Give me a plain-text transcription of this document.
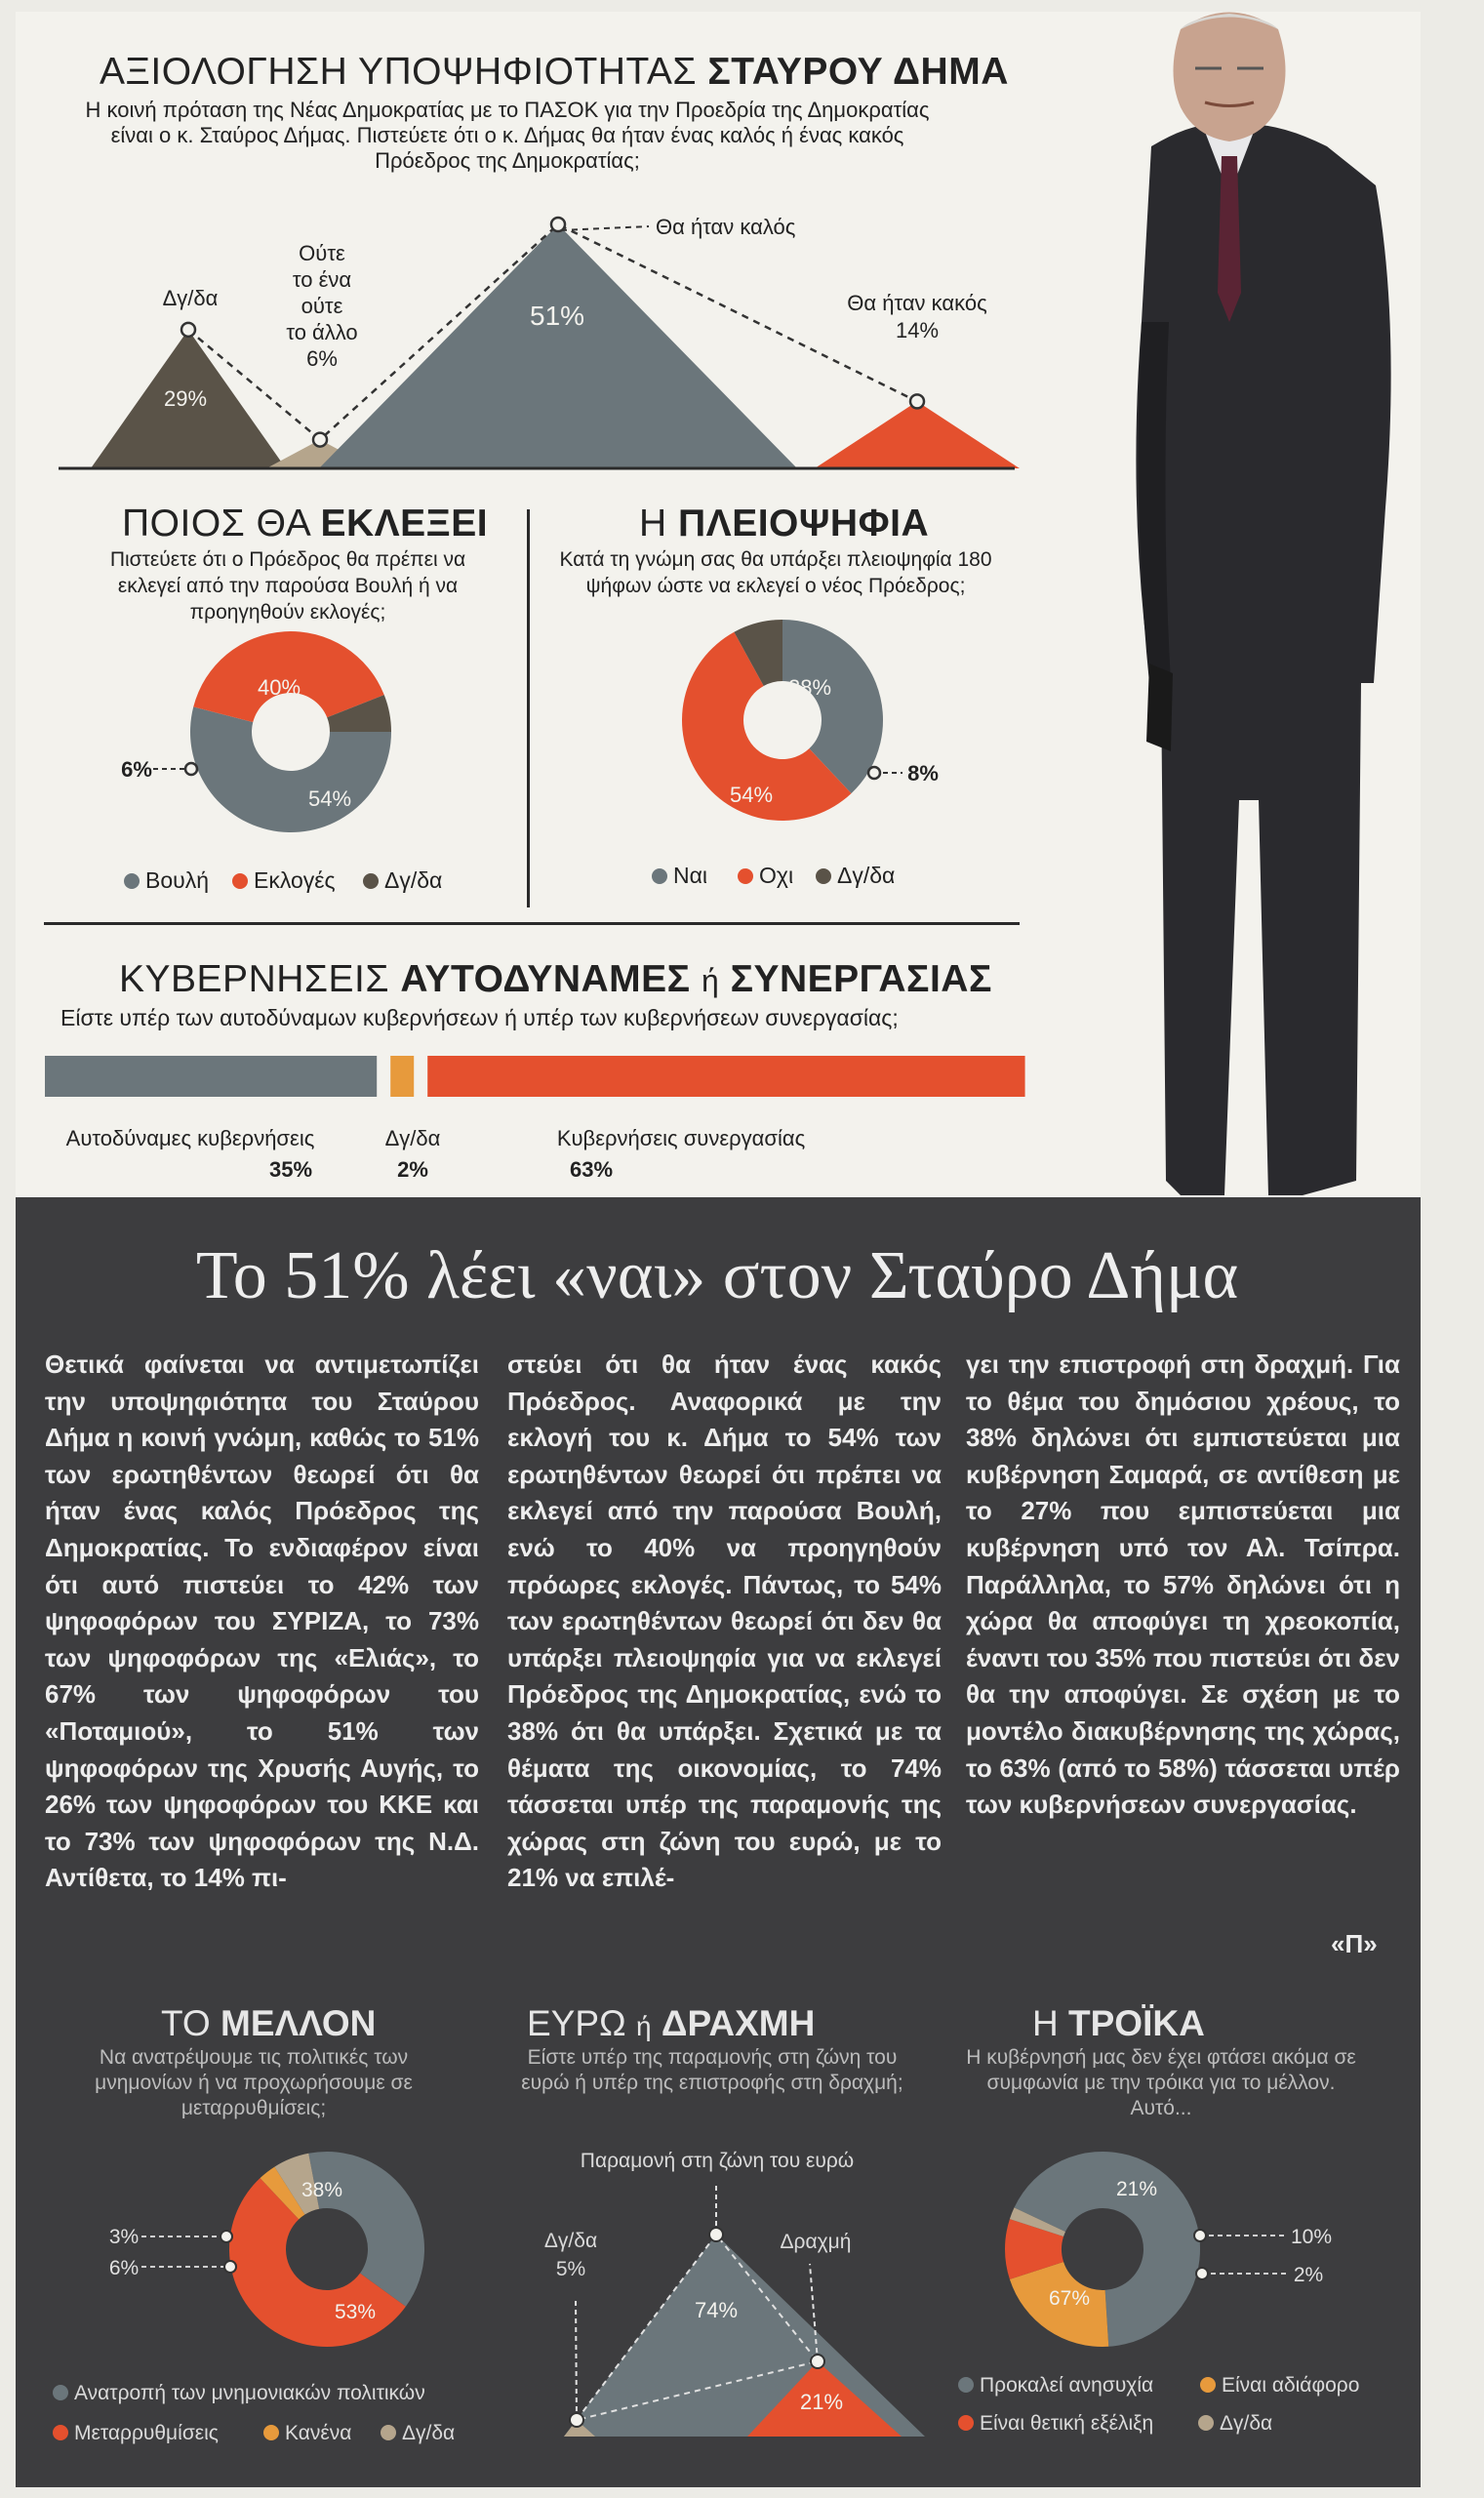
ΑΞΙΟΛΟΓΗΣΗ ΥΠΟΨΗΦΙΟΤΗΤΑΣ ΣΤΑΥΡΟΥ ΔΗΜΑ
Η κοινή πρόταση της Νέας Δημοκρατίας με το ΠΑΣΟΚ για την Προεδρία της Δημοκρατίας είναι ο κ. Σταύρος Δήμας. Πιστεύετε ότι ο κ. Δήμας θα ήταν ένας καλός ή ένας κακός Πρόεδρος της Δημοκρατίας;
Δγ/δα
Ούτε
το ένα
ούτε
το άλλο
6%
29%
51%
Θα ήταν καλός
Θα ήταν κακός
14%
ΠΟΙΟΣ ΘΑ ΕΚΛΕΞΕΙ
Πιστεύετε ότι ο Πρόεδρος θα πρέπει να εκλεγεί από την παρούσα Βουλή ή να προηγηθούν εκλογές;
54%
40%
6%
Η ΠΛΕΙΟΨΗΦΙΑ
Κατά τη γνώμη σας θα υπάρξει πλειοψηφία 180 ψήφων ώστε να εκλεγεί ο νέος Πρόεδρος;
38%
54%
8%
ΚΥΒΕΡΝΗΣΕΙΣ ΑΥΤΟΔΥΝΑΜΕΣ ή ΣΥΝΕΡΓΑΣΙΑΣ
Είστε υπέρ των αυτοδύναμων κυβερνήσεων ή υπέρ των κυβερνήσεων συνεργασίας;
Αυτοδύναμες κυβερνήσεις	Δγ/δα	Κυβερνήσεις συνεργασίας
35%	2%	63%
Το 51% λέει «ναι» στον Σταύρο Δήμα
Θετικά φαίνεται να αντιμετωπίζει την υποψηφιότητα του Σταύρου Δήμα η κοινή γνώμη, καθώς το 51% των ερωτηθέντων θεωρεί ότι θα ήταν ένας καλός Πρόεδρος της Δημοκρατίας. Το ενδιαφέρον είναι ότι αυτό πιστεύει το 42% των ψηφοφόρων του ΣΥΡΙΖΑ, το 73% των ψηφοφόρων της «Ελιάς», το 67% των ψηφοφόρων του «Ποταμιού», το 51% των ψηφοφόρων της Χρυσής Αυγής, το 26% των ψηφοφόρων του ΚΚΕ και το 73% των ψηφοφόρων της Ν.Δ. Αντίθετα, το 14% πι-
στεύει ότι θα ήταν ένας κακός Πρόεδρος. Αναφορικά με την εκλογή του κ. Δήμα το 54% των ερωτηθέντων θεωρεί ότι πρέπει να εκλεγεί από την παρούσα Βουλή, ενώ το 40% να προηγηθούν πρόωρες εκλογές. Πάντως, το 54% των ερωτηθέντων θεωρεί ότι δεν θα υπάρξει πλειοψηφία για να εκλεγεί Πρόεδρος της Δημοκρατίας, ενώ το 38% ότι θα υπάρξει. Σχετικά με τα θέματα της οικονομίας, το 74% τάσσεται υπέρ της παραμονής της χώρας στη ζώνη του ευρώ, με το 21% να επιλέ-
γει την επιστροφή στη δραχμή. Για το θέμα του δημόσιου χρέους, το 38% δηλώνει ότι εμπιστεύεται μια κυβέρνηση Σαμαρά, σε αντίθεση με το 27% που εμπιστεύεται μια κυβέρνηση υπό τον Αλ. Τσίπρα. Παράλληλα, το 57% δηλώνει ότι η χώρα θα αποφύγει τη χρεοκοπία, έναντι του 35% που πιστεύει ότι δεν θα την αποφύγει. Σε σχέση με το μοντέλο διακυβέρνησης της χώρας, το 63% (από το 58%) τάσσεται υπέρ των κυβερνήσεων συνεργασίας.
«Π»
ΤΟ ΜΕΛΛΟΝ
Να ανατρέψουμε τις πολιτικές των μνημονίων ή να προχωρήσουμε σε μεταρρυθμίσεις;
38%
53%
3%
6%
ΕΥΡΩ ή ΔΡΑΧΜΗ
Είστε υπέρ της παραμονής στη ζώνη του ευρώ ή υπέρ της επιστροφής στη δραχμή;
Παραμονή στη ζώνη του ευρώ
Δραχμή
Δγ/δα
5%
74%
21%
Η ΤΡΟΪΚΑ
Η κυβέρνησή μας δεν έχει φτάσει ακόμα σε συμφωνία με την τρόικα για το μέλλον. Αυτό...
21%
67%
10%
2%
Βουλή	Εκλογές	Δγ/δα	Ναι	Οχι	Δγ/δα
Ανατροπή των μνημονιακών πολιτικών
Μεταρρυθμίσεις	Κανένα	Δγ/δα
Προκαλεί ανησυχία	Είναι αδιάφορο
Είναι θετική εξέλιξη	Δγ/δα
